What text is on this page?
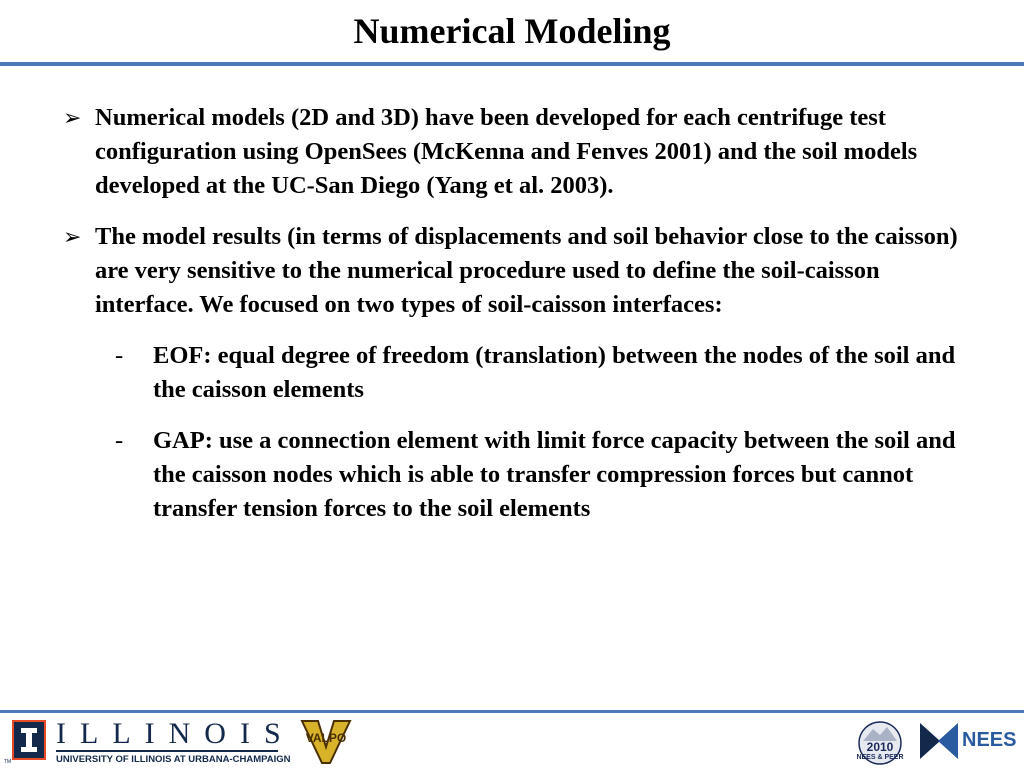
Numerical Modeling
➢ Numerical models (2D and 3D) have been developed for each centrifuge test configuration using OpenSees (McKenna and Fenves 2001) and the soil models developed at the UC-San Diego (Yang et al. 2003).
➢ The model results (in terms of displacements and soil behavior close to the caisson) are very sensitive to the numerical procedure used to define the soil-caisson interface. We focused on two types of soil-caisson interfaces:
- EOF: equal degree of freedom (translation) between the nodes of the soil and the caisson elements
- GAP: use a connection element with limit force capacity between the soil and the caisson nodes which is able to transfer compression forces but cannot transfer tension forces to the soil elements
TM
ILLINOIS
UNIVERSITY OF ILLINOIS AT URBANA-CHAMPAIGN
VALPO
2010
NEES & PEER
NEES
